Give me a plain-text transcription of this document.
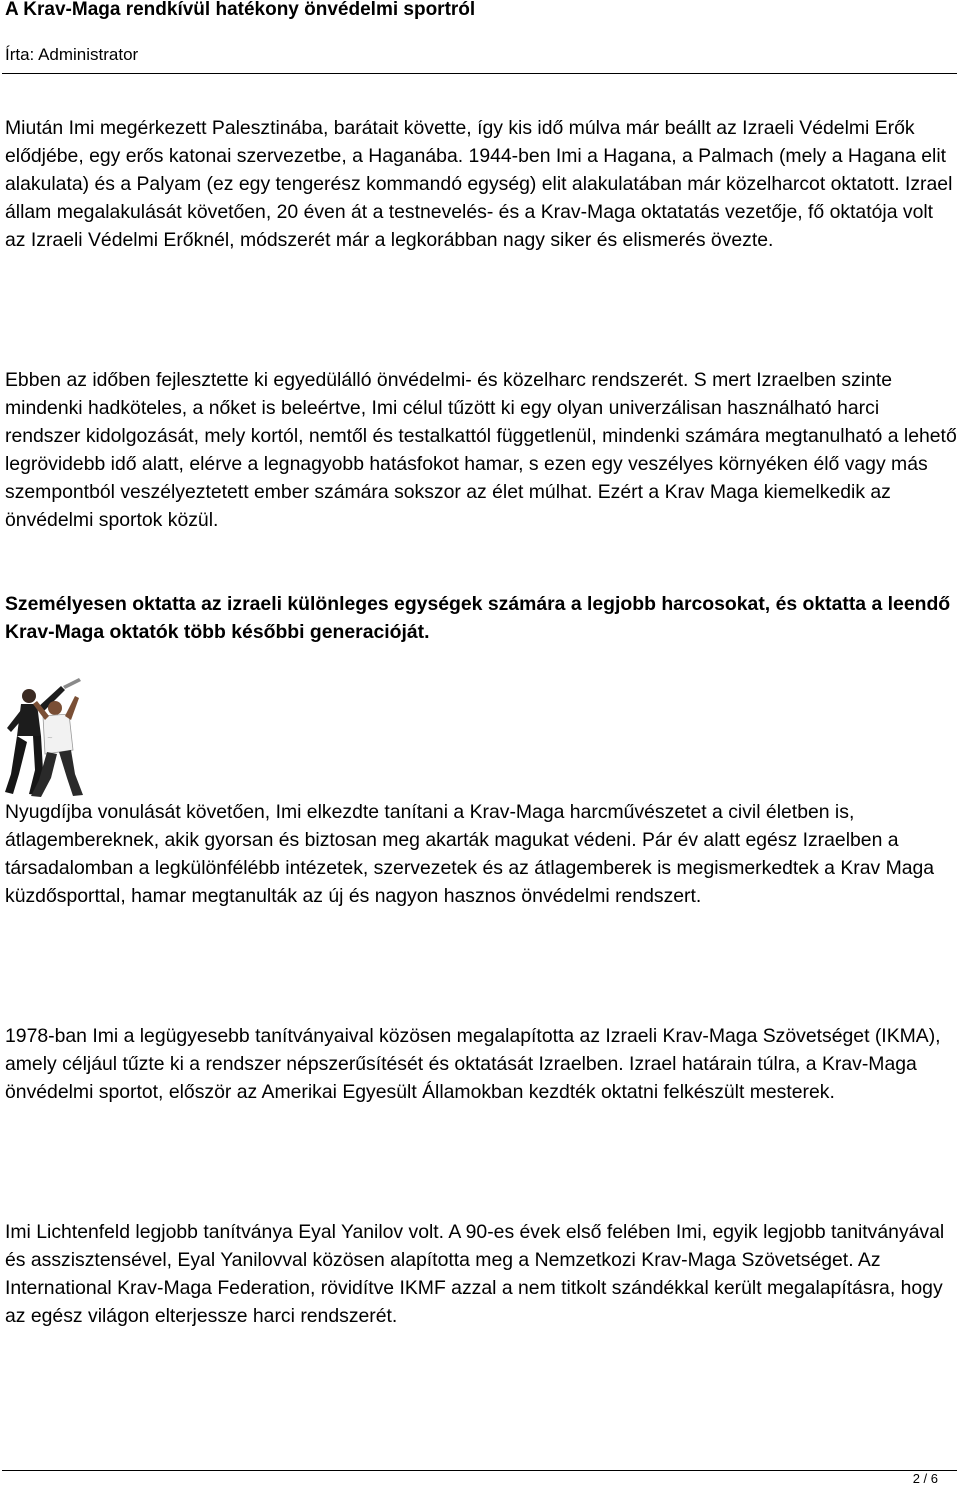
A Krav-Maga rendkívül hatékony önvédelmi sportról
Írta: Administrator

Miután Imi megérkezett Palesztinába, barátait követte, így kis idő múlva már beállt az Izraeli Védelmi Erők elődjébe, egy erős katonai szervezetbe, a Haganába. 1944-ben Imi a Hagana, a Palmach (mely a Hagana elit alakulata) és a Palyam (ez egy tengerész kommandó egység) elit alakulatában már közelharcot oktatott. Izrael állam megalakulását követően, 20 éven át a testnevelés- és a Krav-Maga oktatatás vezetője, fő oktatója volt az Izraeli Védelmi Erőknél, módszerét már a legkorábban nagy siker és elismerés övezte.

Ebben az időben fejlesztette ki egyedülálló önvédelmi- és közelharc rendszerét. S mert Izraelben szinte mindenki hadköteles, a nőket is beleértve, Imi célul tűzött ki egy olyan univerzálisan használható harci rendszer kidolgozását, mely kortól, nemtől és testalkattól függetlenül, mindenki számára megtanulható a lehető legrövidebb idő alatt, elérve a legnagyobb hatásfokot hamar, s ezen egy veszélyes környéken élő vagy más szempontból veszélyeztetett ember számára sokszor az élet múlhat. Ezért a Krav Maga kiemelkedik az önvédelmi sportok közül.

Személyesen oktatta az izraeli különleges egységek számára a legjobb harcosokat, és oktatta a leendő Krav-Maga oktatók több későbbi generacióját.

~

Nyugdíjba vonulását követően, Imi elkezdte tanítani a Krav-Maga harcművészetet a civil életben is, átlagembereknek, akik gyorsan és biztosan meg akarták magukat védeni. Pár év alatt egész Izraelben a társadalomban a legkülönfélébb intézetek, szervezetek és az átlagemberek is megismerkedtek a Krav Maga küzdősporttal, hamar megtanulták az új és nagyon hasznos önvédelmi rendszert.

1978-ban Imi a legügyesebb tanítványaival közösen megalapította az Izraeli Krav-Maga Szövetséget (IKMA), amely céljául tűzte ki a rendszer népszerűsítését és oktatását Izraelben. Izrael határain túlra, a Krav-Maga önvédelmi sportot, először az Amerikai Egyesült Államokban kezdték oktatni felkészült mesterek.

Imi Lichtenfeld legjobb tanítványa Eyal Yanilov volt. A 90-es évek első felében Imi, egyik legjobb tanitványával és asszisztensével, Eyal Yanilovval közösen alapította meg a Nemzetkozi Krav-Maga Szövetséget. Az International Krav-Maga Federation, rövidítve IKMF azzal a nem titkolt szándékkal került megalapításra, hogy az egész világon elterjessze harci rendszerét.

2 / 6
